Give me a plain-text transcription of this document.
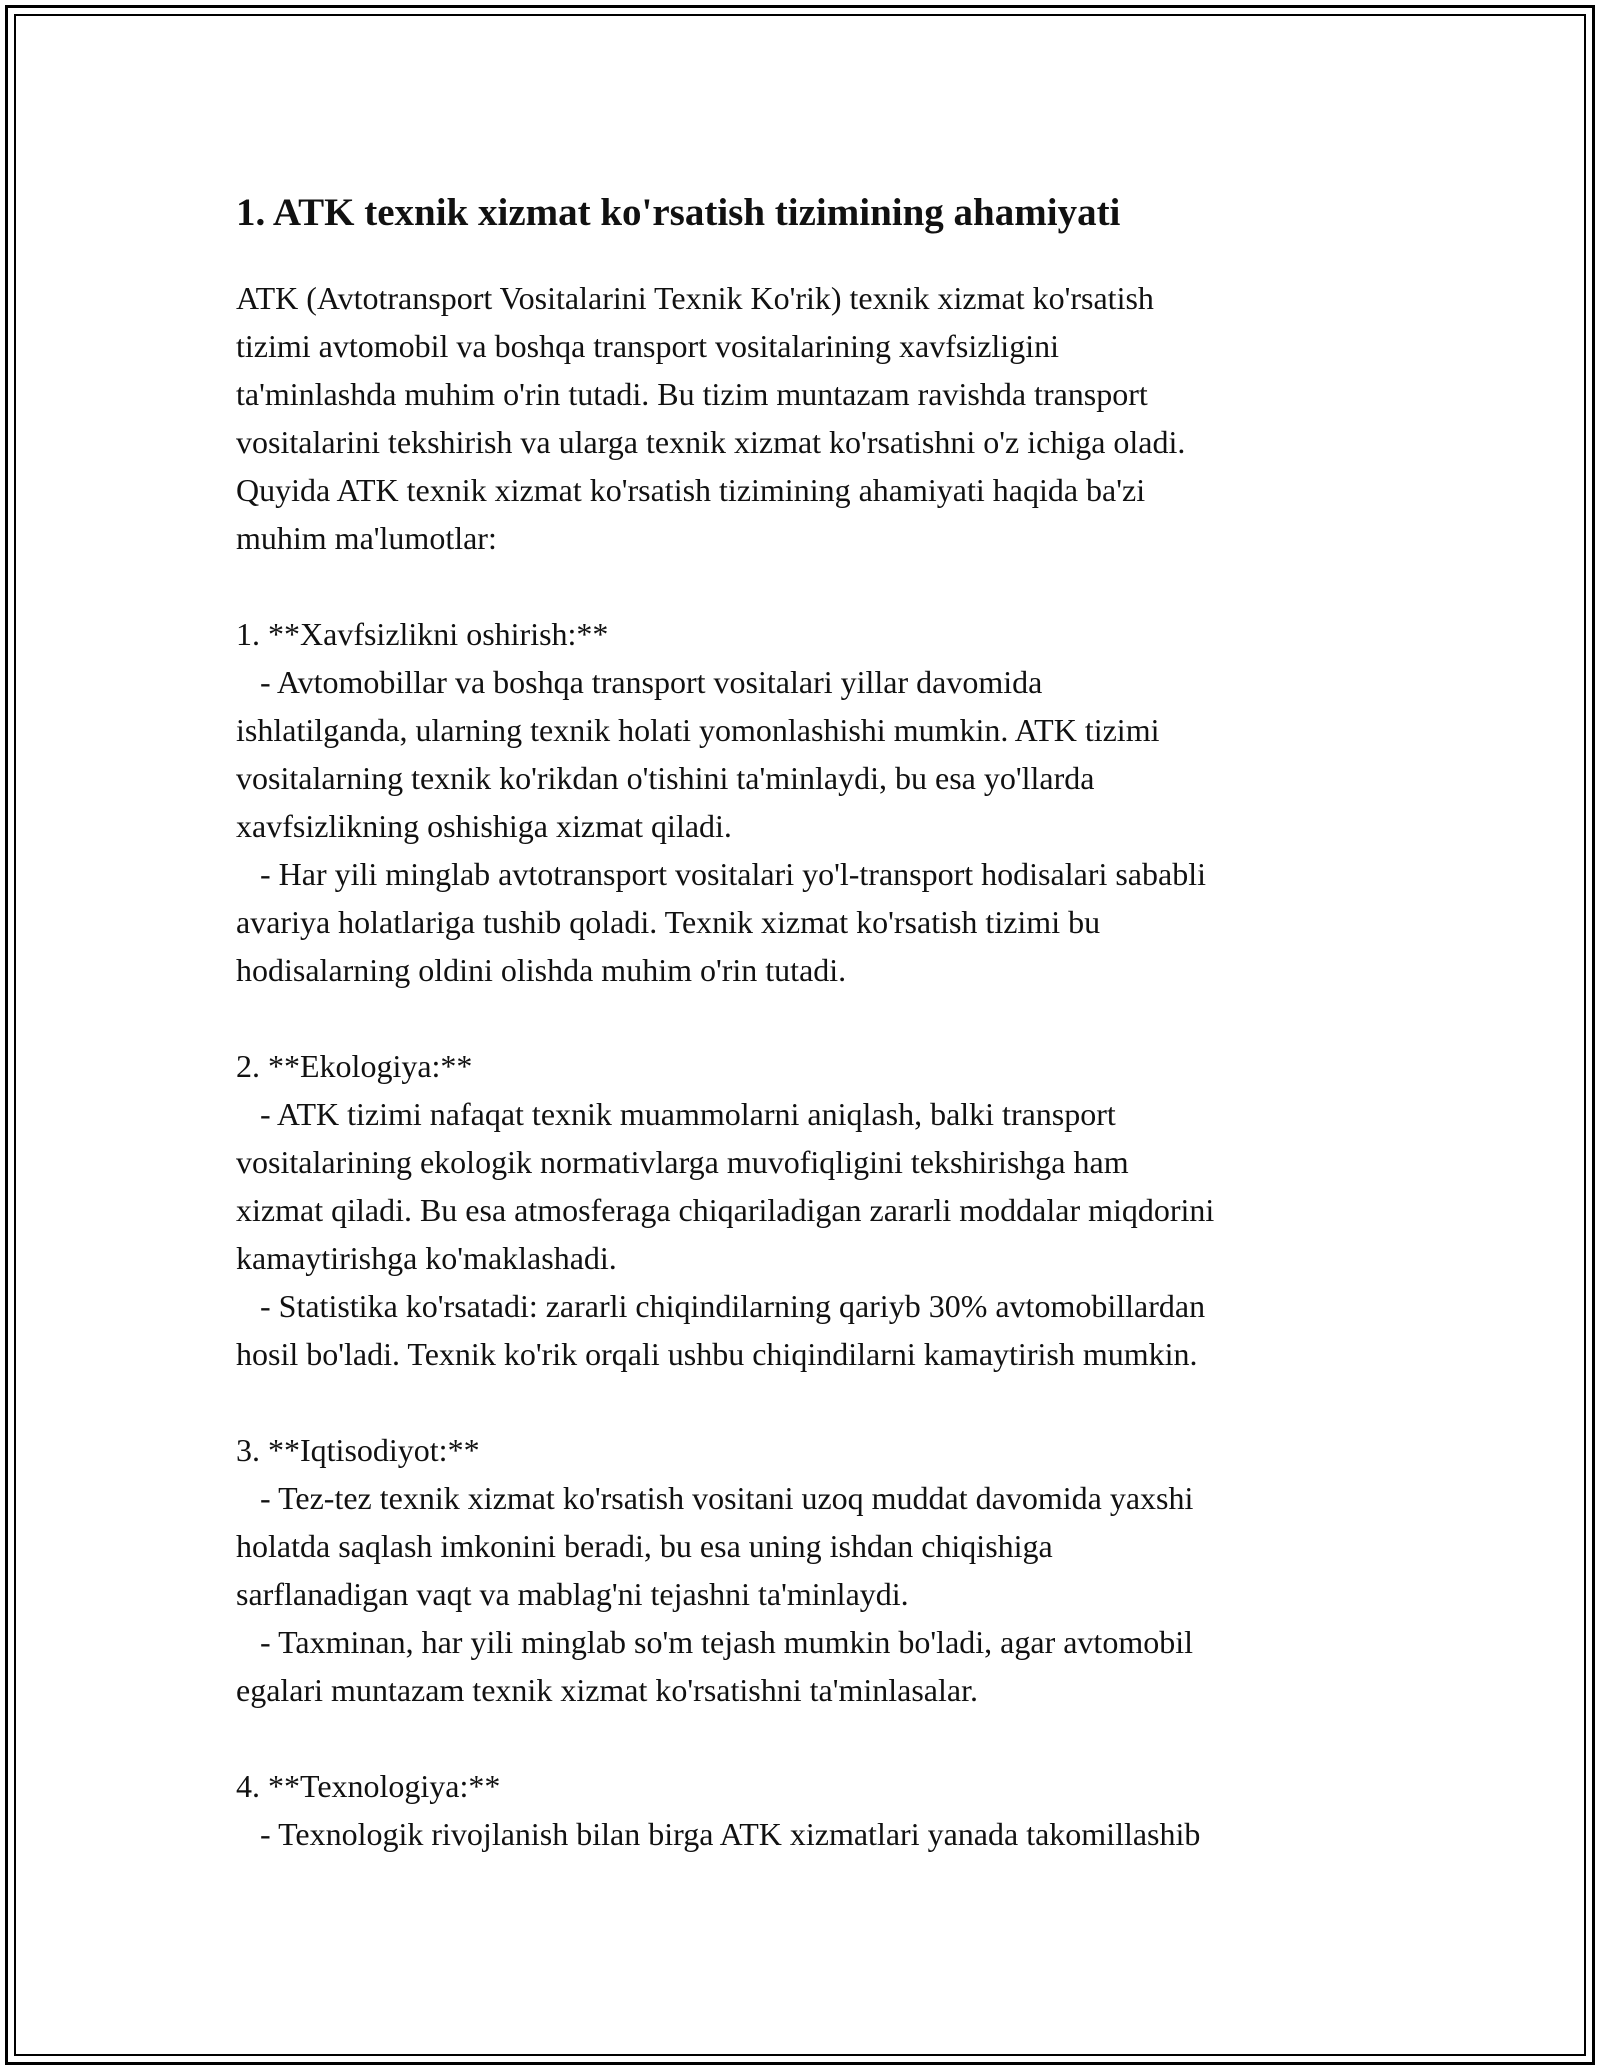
1. ATK texnik xizmat ko'rsatish tizimining ahamiyati

ATK (Avtotransport Vositalarini Texnik Ko'rik) texnik xizmat ko'rsatish
tizimi avtomobil va boshqa transport vositalarining xavfsizligini
ta'minlashda muhim o'rin tutadi. Bu tizim muntazam ravishda transport
vositalarini tekshirish va ularga texnik xizmat ko'rsatishni o'z ichiga oladi.
Quyida ATK texnik xizmat ko'rsatish tizimining ahamiyati haqida ba'zi
muhim ma'lumotlar:

1. **Xavfsizlikni oshirish:**
- Avtomobillar va boshqa transport vositalari yillar davomida
ishlatilganda, ularning texnik holati yomonlashishi mumkin. ATK tizimi
vositalarning texnik ko'rikdan o'tishini ta'minlaydi, bu esa yo'llarda
xavfsizlikning oshishiga xizmat qiladi.
- Har yili minglab avtotransport vositalari yo'l-transport hodisalari sababli
avariya holatlariga tushib qoladi. Texnik xizmat ko'rsatish tizimi bu
hodisalarning oldini olishda muhim o'rin tutadi.

2. **Ekologiya:**
- ATK tizimi nafaqat texnik muammolarni aniqlash, balki transport
vositalarining ekologik normativlarga muvofiqligini tekshirishga ham
xizmat qiladi. Bu esa atmosferaga chiqariladigan zararli moddalar miqdorini
kamaytirishga ko'maklashadi.
- Statistika ko'rsatadi: zararli chiqindilarning qariyb 30% avtomobillardan
hosil bo'ladi. Texnik ko'rik orqali ushbu chiqindilarni kamaytirish mumkin.

3. **Iqtisodiyot:**
- Tez-tez texnik xizmat ko'rsatish vositani uzoq muddat davomida yaxshi
holatda saqlash imkonini beradi, bu esa uning ishdan chiqishiga
sarflanadigan vaqt va mablag'ni tejashni ta'minlaydi.
- Taxminan, har yili minglab so'm tejash mumkin bo'ladi, agar avtomobil
egalari muntazam texnik xizmat ko'rsatishni ta'minlasalar.

4. **Texnologiya:**
- Texnologik rivojlanish bilan birga ATK xizmatlari yanada takomillashib
